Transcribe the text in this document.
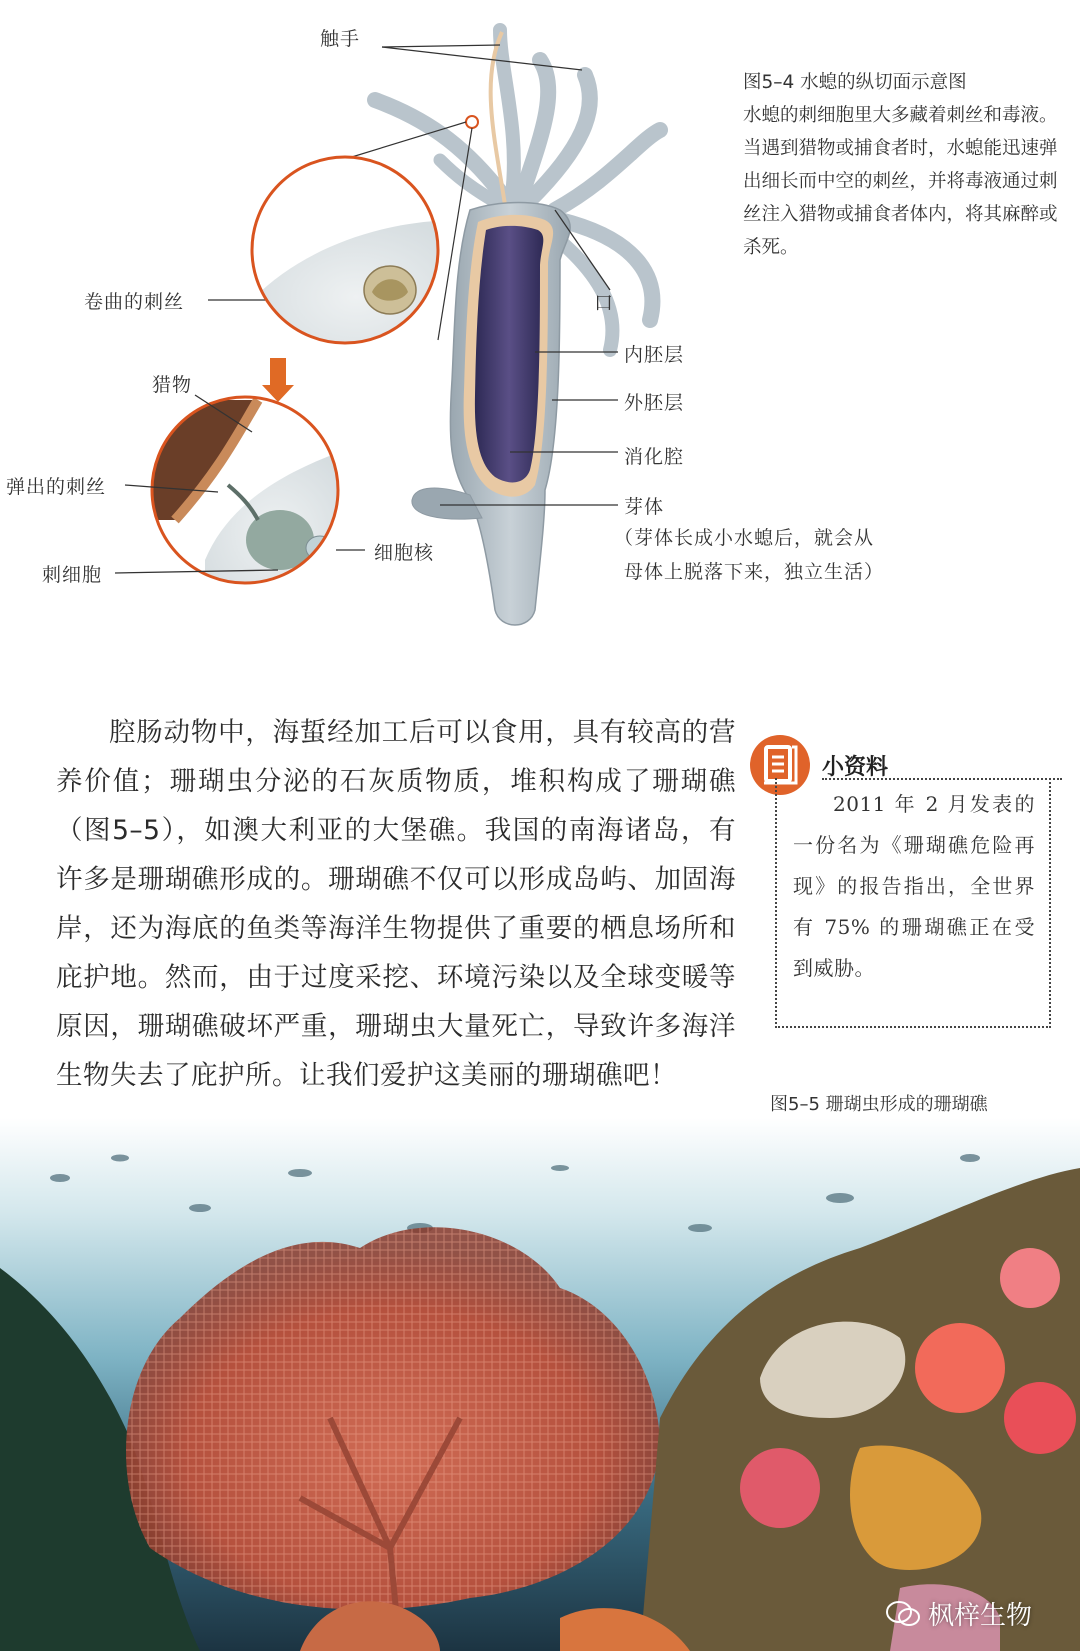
触手
口
卷曲的刺丝
猎物
弹出的刺丝
刺细胞
细胞核
内胚层
外胚层
消化腔
芽体
（芽体长成小水螅后，就会从
母体上脱落下来，独立生活）
图5–4 水螅的纵切面示意图
水螅的刺细胞里大多藏着刺丝和毒液。当遇到猎物或捕食者时，水螅能迅速弹出细长而中空的刺丝，并将毒液通过刺丝注入猎物或捕食者体内，将其麻醉或杀死。
腔肠动物中，海蜇经加工后可以食用，具有较高的营养价值；珊瑚虫分泌的石灰质物质，堆积构成了珊瑚礁（图5–5），如澳大利亚的大堡礁。我国的南海诸岛，有许多是珊瑚礁形成的。珊瑚礁不仅可以形成岛屿、加固海岸，还为海底的鱼类等海洋生物提供了重要的栖息场所和庇护地。然而，由于过度采挖、环境污染以及全球变暖等原因，珊瑚礁破坏严重，珊瑚虫大量死亡，导致许多海洋生物失去了庇护所。让我们爱护这美丽的珊瑚礁吧！
小资料
2011 年 2 月发表的一份名为《珊瑚礁危险再现》的报告指出，全世界有 75% 的珊瑚礁正在受到威胁。
图5–5 珊瑚虫形成的珊瑚礁
枫梓生物
